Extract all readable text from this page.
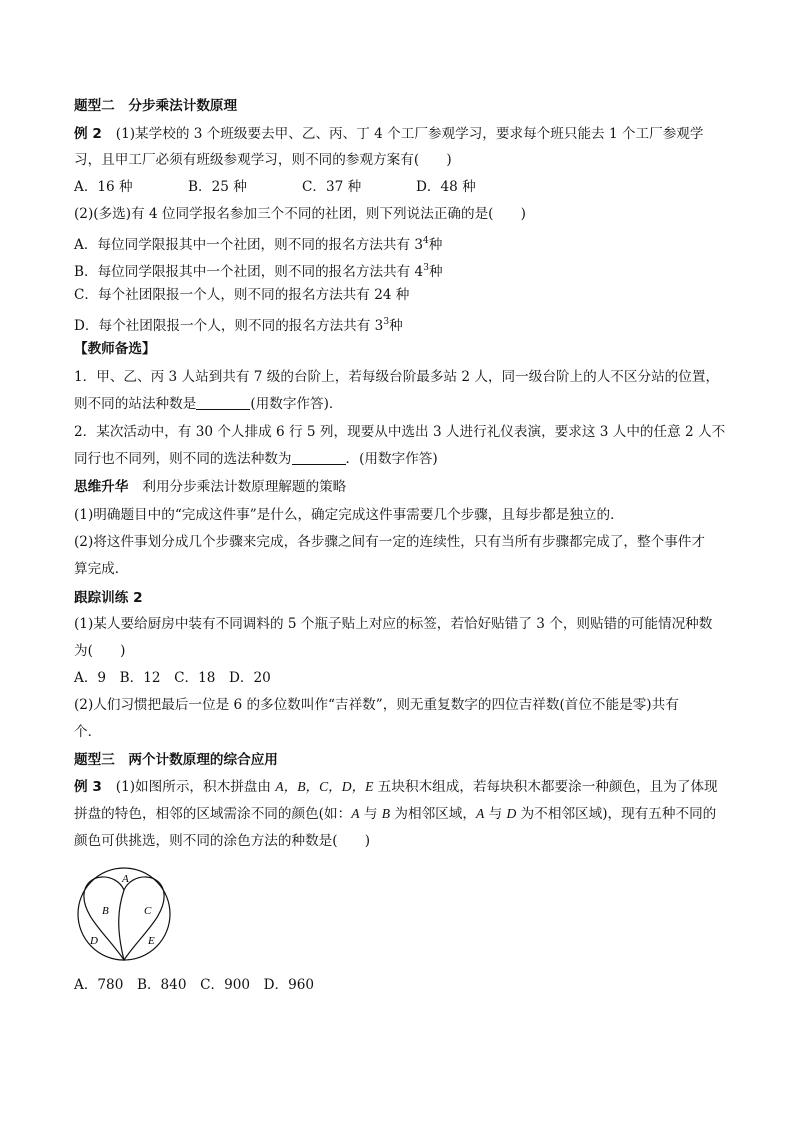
题型二　分步乘法计数原理
例 2 (1)某学校的 3 个班级要去甲、乙、丙、丁 4 个工厂参观学习，要求每个班只能去 1 个工厂参观学
习，且甲工厂必须有班级参观学习，则不同的参观方案有(　　)
A．16 种	B．25 种	C．37 种	D．48 种
(2)(多选)有 4 位同学报名参加三个不同的社团，则下列说法正确的是(　　)
A．每位同学限报其中一个社团，则不同的报名方法共有 $3^4$种
B．每位同学限报其中一个社团，则不同的报名方法共有 $4^3$种
C．每个社团限报一个人，则不同的报名方法共有 24 种
D．每个社团限报一个人，则不同的报名方法共有 $3^3$种
【教师备选】
1．甲、乙、丙 3 人站到共有 7 级的台阶上，若每级台阶最多站 2 人，同一级台阶上的人不区分站的位置，
则不同的站法种数是	(用数字作答)．
2．某次活动中，有 30 个人排成 6 行 5 列，现要从中选出 3 人进行礼仪表演，要求这 3 人中的任意 2 人不
同行也不同列，则不同的选法种数为	．(用数字作答)
思维升华 利用分步乘法计数原理解题的策略
(1)明确题目中的“完成这件事”是什么，确定完成这件事需要几个步骤，且每步都是独立的．
(2)将这件事划分成几个步骤来完成，各步骤之间有一定的连续性，只有当所有步骤都完成了，整个事件才
算完成．
跟踪训练 2
(1)某人要给厨房中装有不同调料的 5 个瓶子贴上对应的标签，若恰好贴错了 3 个，则贴错的可能情况种数
为(　　)
A．9　B．12　C．18　D．20
(2)人们习惯把最后一位是 6 的多位数叫作“吉祥数”，则无重复数字的四位吉祥数(首位不能是零)共有
个．
题型三　两个计数原理的综合应用
例 3 (1)如图所示，积木拼盘由 A，B，C，D，E 五块积木组成，若每块积木都要涂一种颜色，且为了体现
拼盘的特色，相邻的区域需涂不同的颜色(如：A 与 B 为相邻区域，A 与 D 为不相邻区域)，现有五种不同的
颜色可供挑选，则不同的涂色方法的种数是(　　)
A
B	C
D	E
A．780　B．840　C．900　D．960
